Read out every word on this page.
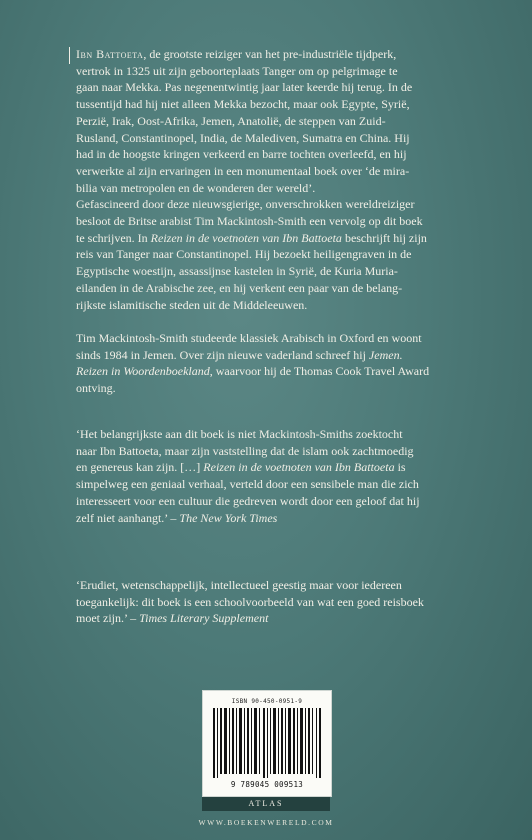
Ibn Battoeta, de grootste reiziger van het pre-industriële tijdperk,

vertrok in 1325 uit zijn geboorteplaats Tanger om op pelgrimage te

gaan naar Mekka. Pas negenentwintig jaar later keerde hij terug. In de

tussentijd had hij niet alleen Mekka bezocht, maar ook Egypte, Syrië,

Perzië, Irak, Oost-Afrika, Jemen, Anatolië, de steppen van Zuid-

Rusland, Constantinopel, India, de Malediven, Sumatra en China. Hij

had in de hoogste kringen verkeerd en barre tochten overleefd, en hij

verwerkte al zijn ervaringen in een monumentaal boek over ‘de mira-

bilia van metropolen en de wonderen der wereld’.

Gefascineerd door deze nieuwsgierige, onverschrokken wereldreiziger

besloot de Britse arabist Tim Mackintosh-Smith een vervolg op dit boek

te schrijven. In Reizen in de voetnoten van Ibn Battoeta beschrijft hij zijn

reis van Tanger naar Constantinopel. Hij bezoekt heiligengraven in de

Egyptische woestijn, assassijnse kastelen in Syrië, de Kuria Muria-

eilanden in de Arabische zee, en hij verkent een paar van de belang-

rijkste islamitische steden uit de Middeleeuwen.

Tim Mackintosh-Smith studeerde klassiek Arabisch in Oxford en woont

sinds 1984 in Jemen. Over zijn nieuwe vaderland schreef hij Jemen.

Reizen in Woordenboekland, waarvoor hij de Thomas Cook Travel Award

ontving.

‘Het belangrijkste aan dit boek is niet Mackintosh-Smiths zoektocht

naar Ibn Battoeta, maar zijn vaststelling dat de islam ook zachtmoedig

en genereus kan zijn. […] Reizen in de voetnoten van Ibn Battoeta is

simpelweg een geniaal verhaal, verteld door een sensibele man die zich

interesseert voor een cultuur die gedreven wordt door een geloof dat hij

zelf niet aanhangt.’ – The New York Times

‘Erudiet, wetenschappelijk, intellectueel geestig maar voor iedereen

toegankelijk: dit boek is een schoolvoorbeeld van wat een goed reisboek

moet zijn.’ – Times Literary Supplement

ISBN 90-450-0951-9
9 789045 009513
ATLAS
WWW.BOEKENWERELD.COM
